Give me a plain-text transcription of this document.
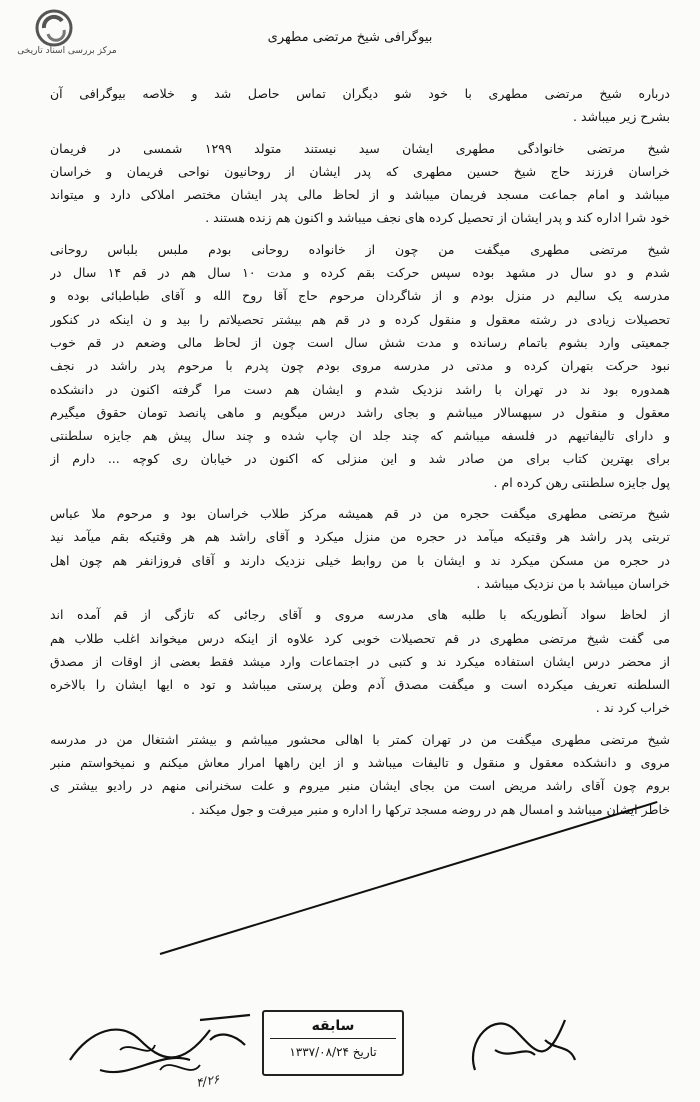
مرکز بررسی اسناد تاریخی
بیوگرافی شیخ مرتضی مطهری
درباره شیخ مرتضی مطهری با خود شو دیگران تماس حاصل شد و خلاصه بیوگرافی آن
بشرح زیر میباشد .
شیخ مرتضی خانوادگی مطهری ایشان سید نیستند متولد ۱۲۹۹ شمسی در فریمان
خراسان فرزند حاج شیخ حسین مطهری که پدر ایشان از روحانیون نواحی فریمان و خراسان
میباشد و امام جماعت مسجد فریمان میباشد و از لحاظ مالی پدر ایشان مختصر املاکی دارد و میتواند
خود شرا اداره کند و پدر ایشان از تحصیل کرده های نجف میباشد و اکنون هم زنده هستند .
شیخ مرتضی مطهری میگفت من چون از خانواده روحانی بودم ملبس بلباس روحانی
شدم و دو سال در مشهد بوده سپس حرکت بقم کرده و مدت ۱۰ سال هم در قم ۱۴ سال در
مدرسه یک سالیم در منزل بودم و از شاگردان مرحوم حاج آقا روح الله و آقای طباطبائی بوده و
تحصیلات زیادی در رشته معقول و منقول کرده و در قم هم بیشتر تحصیلاتم را بید و ن اینکه در کنکور
جمعیتی وارد بشوم باتمام رسانده و مدت شش سال است چون از لحاظ مالی وضعم در قم خوب
نبود حرکت بتهران کرده و مدتی در مدرسه مروی بودم چون پدرم با مرحوم پدر راشد در نجف
همدوره بود ند در تهران با راشد نزدیک شدم و ایشان هم دست مرا گرفته اکنون در دانشکده
معقول و منقول در سپهسالار میباشم و بجای راشد درس میگویم و ماهی پانصد تومان حقوق میگیرم
و دارای تالیفاتیهم در فلسفه میباشم که چند جلد ان چاپ شده و چند سال پیش هم جایزه سلطنتی
برای بهترین کتاب برای من صادر شد و این منزلی که اکنون در خیابان ری کوچه ... دارم از
پول جایزه سلطنتی رهن کرده ام .
شیخ مرتضی مطهری میگفت حجره من در قم همیشه مرکز طلاب خراسان بود و مرحوم ملا عباس
تربتی پدر راشد هر وقتیکه میآمد در حجره من منزل میکرد و آقای راشد هم هر وقتیکه بقم میآمد نید
در حجره من مسکن میکرد ند و ایشان با من روابط خیلی نزدیک دارند و آقای فروزانفر هم چون اهل
خراسان میباشد با من نزدیک میباشد .
از لحاظ سواد آنطوریکه با طلبه های مدرسه مروی و آقای رجائی که تازگی از قم آمده اند
می گفت شیخ مرتضی مطهری در قم تحصیلات خوبی کرد علاوه از اینکه درس میخواند اغلب طلاب هم
از محضر درس ایشان استفاده میکرد ند و کتبی در اجتماعات وارد میشد فقط بعضی از اوقات از مصدق
السلطنه تعریف میکرده است و میگفت مصدق آدم وطن پرستی میباشد و تود ه ایها ایشان را بالاخره
خراب کرد ند .
شیخ مرتضی مطهری میگفت من در تهران کمتر با اهالی محشور میباشم و بیشتر اشتغال من در مدرسه
مروی و دانشکده معقول و منقول و تالیفات میباشد و از این راهها امرار معاش میکنم و نمیخواستم منبر
بروم چون آقای راشد مریض است من بجای ایشان منبر میروم و علت سخنرانی منهم در رادیو بیشتر ی
خاطر ایشان میباشد و امسال هم در روضه مسجد ترکها را اداره و منبر میرفت و جول میکند .
سابقه
تاریخ ۱۳۳۷/۰۸/۲۴
۴/۲۶
